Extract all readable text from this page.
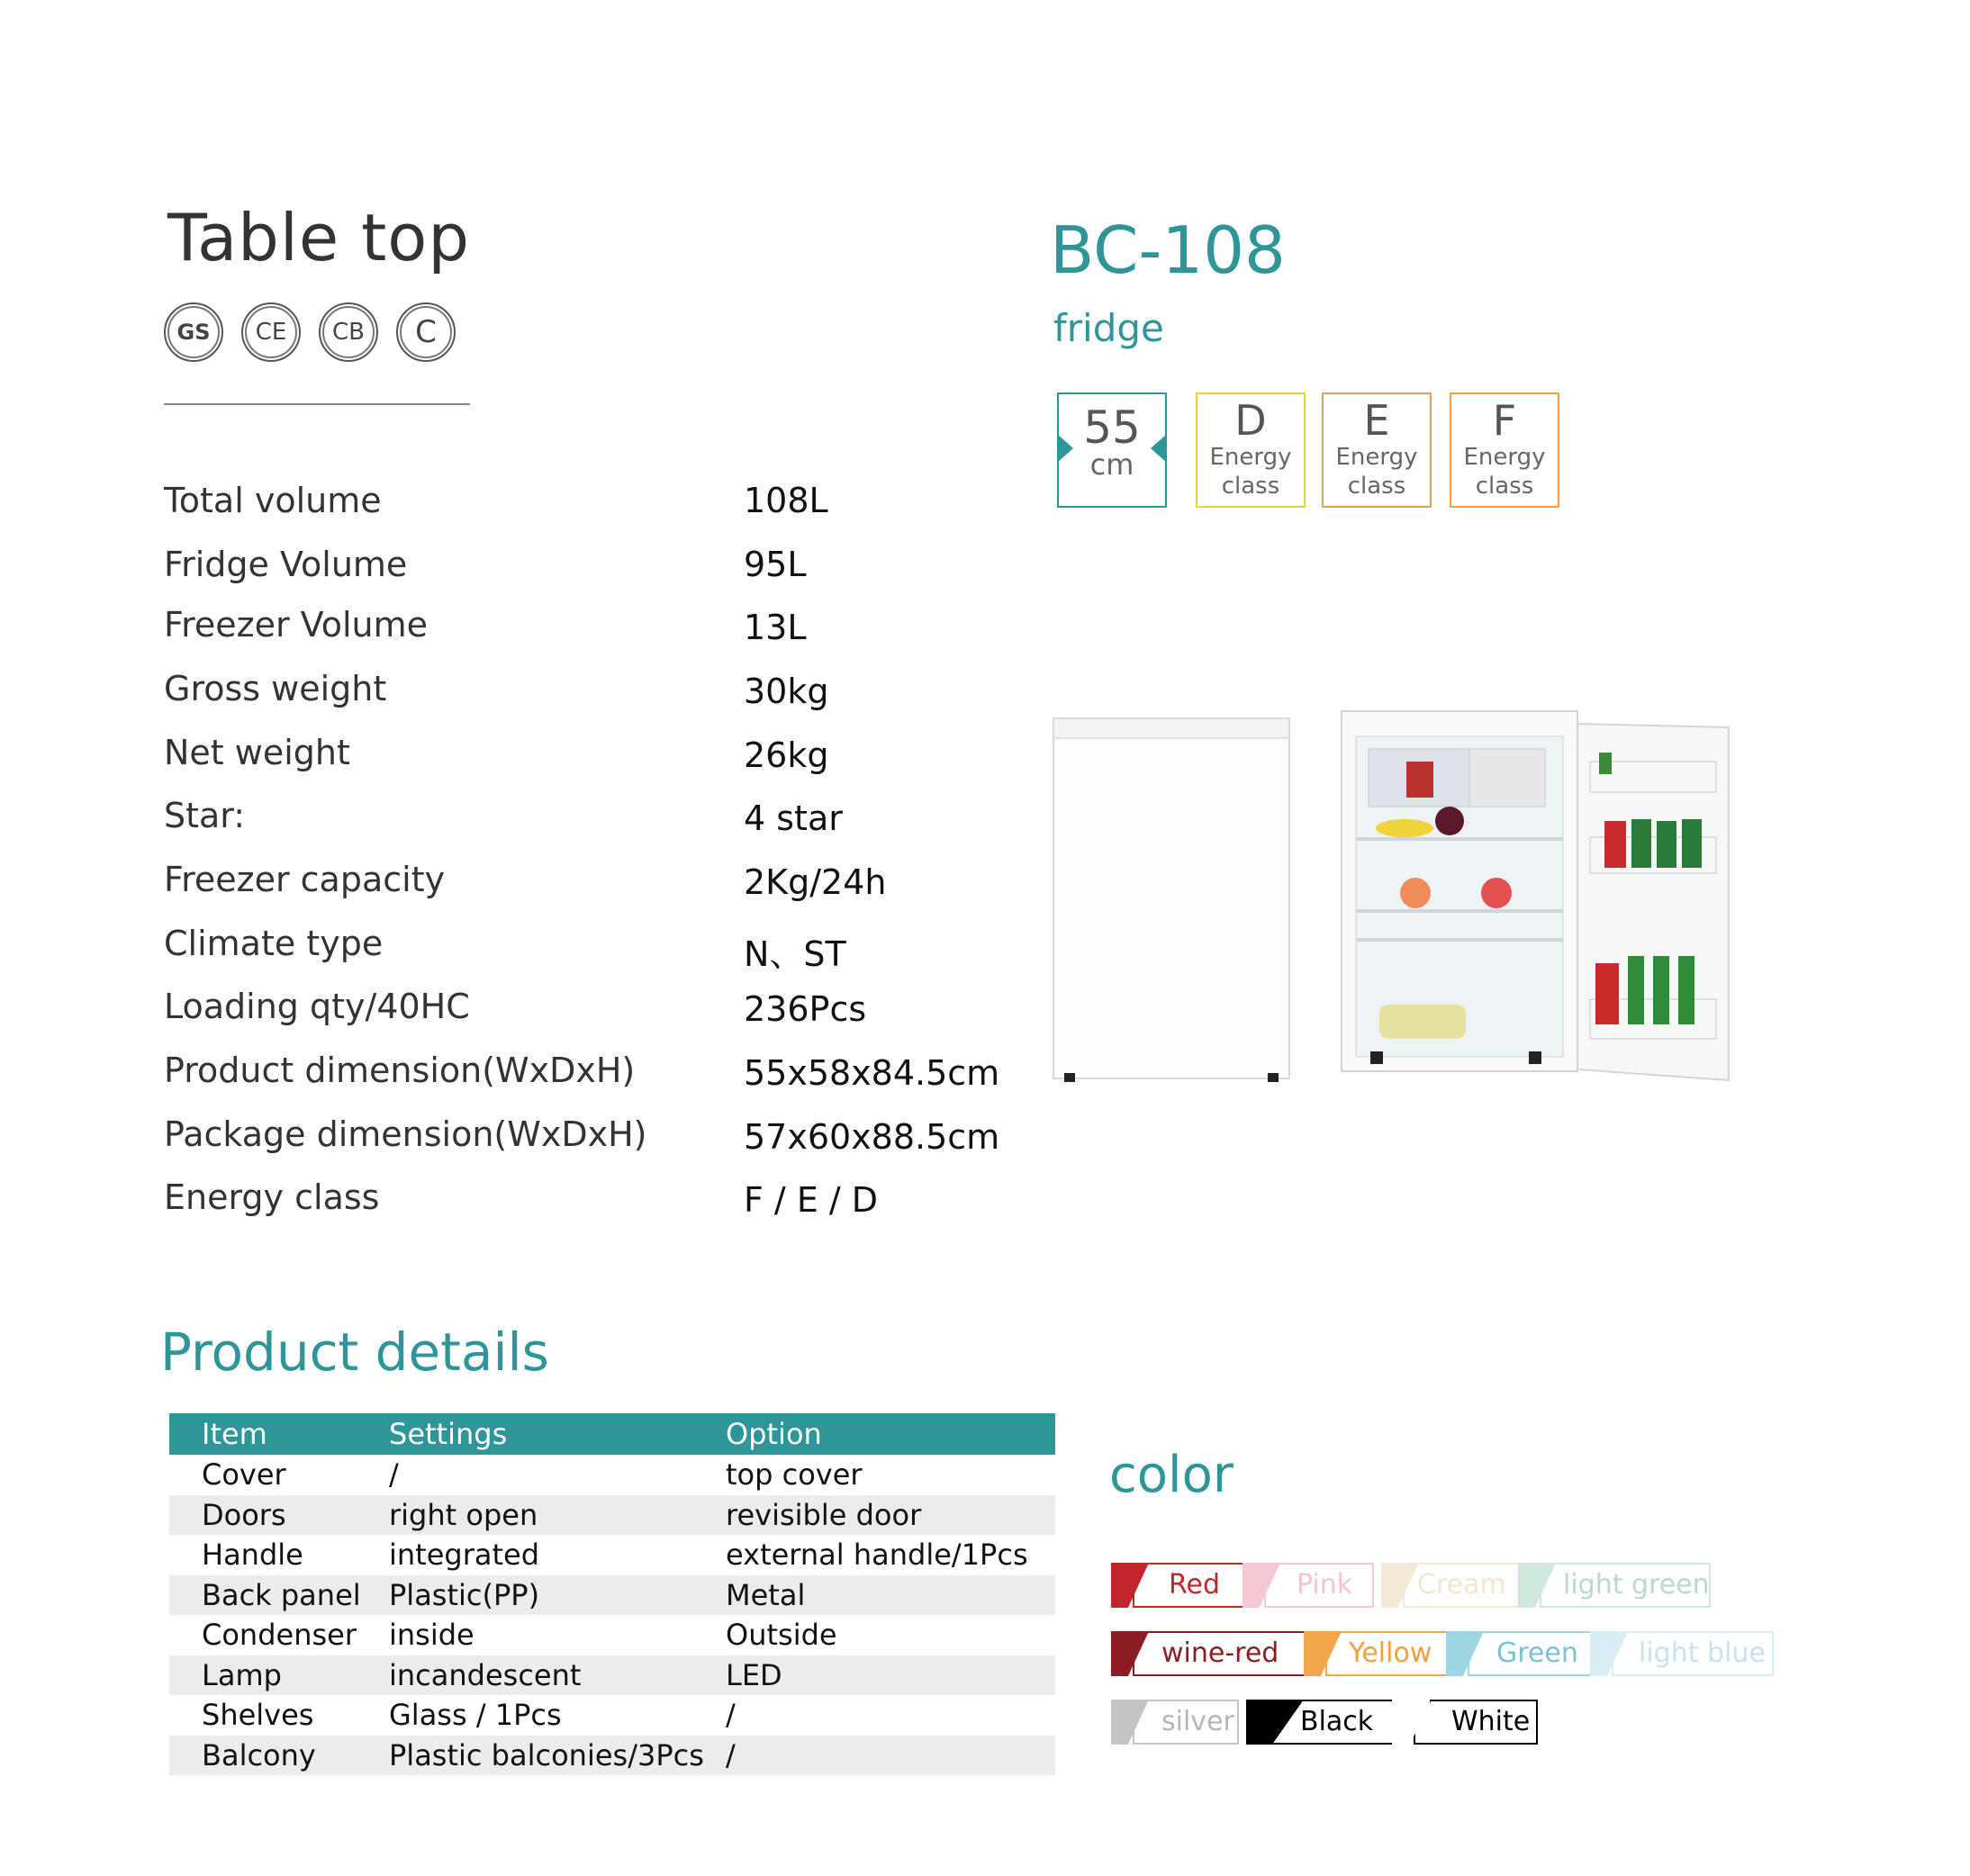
Table top
GS	CE	CB	C
Total volume	108L
Fridge Volume	95L
Freezer Volume	13L
Gross weight	30kg
Net weight	26kg
Star:	4 star
Freezer capacity	2Kg/24h
Climate type	N、ST
Loading qty/40HC	236Pcs
Product dimension(WxDxH)	55x58x84.5cm
Package dimension(WxDxH)	57x60x88.5cm
Energy class	F / E / D
BC-108
fridge
55
cm
D
Energy
class
E
Energy
class
F
Energy
class
Product details
Item	Settings	Option
Cover	/	top cover
Doors	right open	revisible door
Handle	integrated	external handle/1Pcs
Back panel	Plastic(PP)	Metal
Condenser	inside	Outside
Lamp	incandescent	LED
Shelves	Glass / 1Pcs	/
Balcony	Plastic balconies/3Pcs	/
color
Red	Pink Cream light green
wine-red	Yellow Green light blue
silver Black	White
